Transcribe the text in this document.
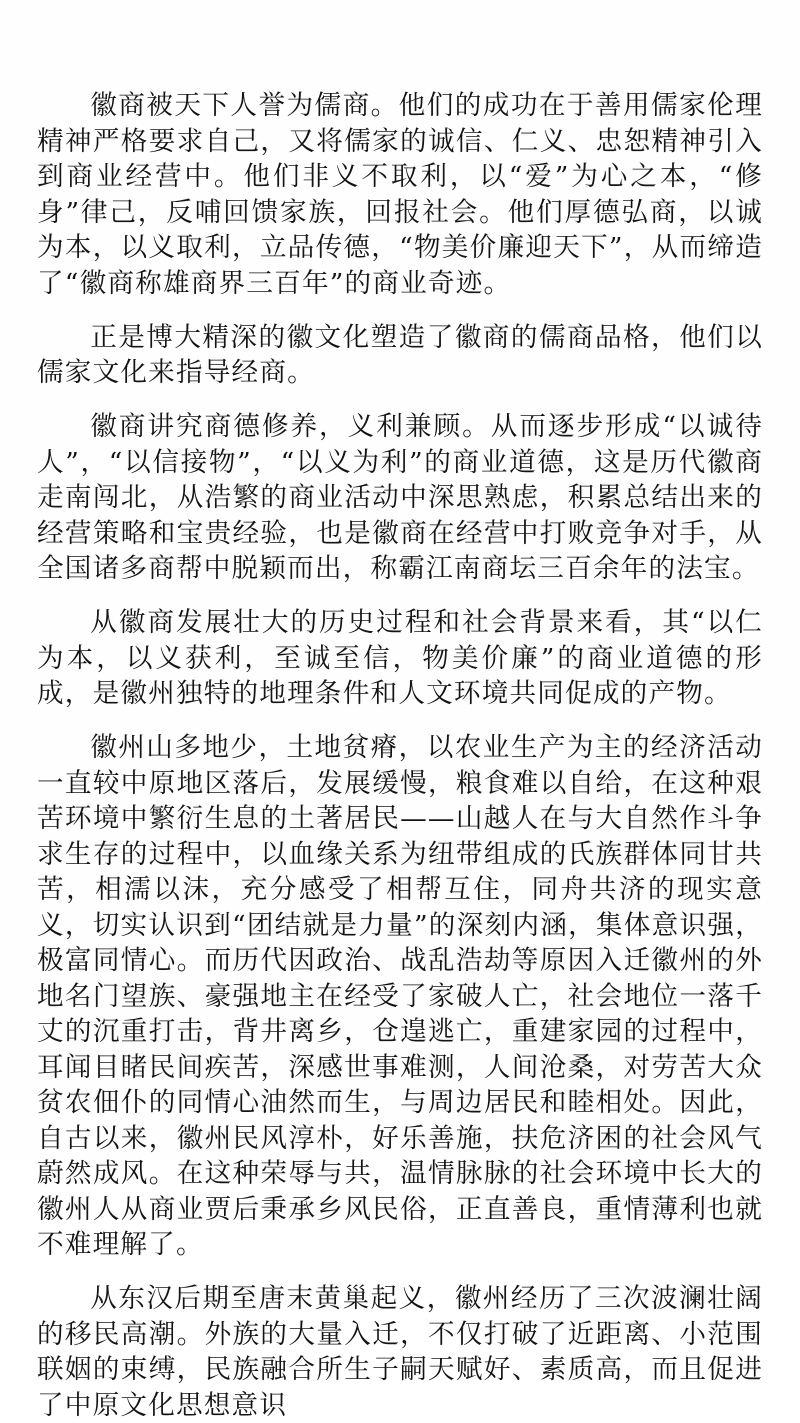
徽商被天下人誉为儒商。他们的成功在于善用儒家伦理精神严格要求自己，又将儒家的诚信、仁义、忠恕精神引入到商业经营中。他们非义不取利，以“爱”为心之本，“修身”律己，反哺回馈家族，回报社会。他们厚德弘商，以诚为本，以义取利，立品传德，“物美价廉迎天下”，从而缔造了“徽商称雄商界三百年”的商业奇迹。

正是博大精深的徽文化塑造了徽商的儒商品格，他们以儒家文化来指导经商。

徽商讲究商德修养，义利兼顾。从而逐步形成“以诚待人”，“以信接物”，“以义为利”的商业道德，这是历代徽商走南闯北，从浩繁的商业活动中深思熟虑，积累总结出来的经营策略和宝贵经验，也是徽商在经营中打败竞争对手，从全国诸多商帮中脱颖而出，称霸江南商坛三百余年的法宝。

从徽商发展壮大的历史过程和社会背景来看，其“以仁为本，以义获利，至诚至信，物美价廉”的商业道德的形成，是徽州独特的地理条件和人文环境共同促成的产物。

徽州山多地少，土地贫瘠，以农业生产为主的经济活动一直较中原地区落后，发展缓慢，粮食难以自给，在这种艰苦环境中繁衍生息的土著居民——山越人在与大自然作斗争求生存的过程中，以血缘关系为纽带组成的氏族群体同甘共苦，相濡以沫，充分感受了相帮互住，同舟共济的现实意义，切实认识到“团结就是力量”的深刻内涵，集体意识强，极富同情心。而历代因政治、战乱浩劫等原因入迁徽州的外地名门望族、豪强地主在经受了家破人亡，社会地位一落千丈的沉重打击，背井离乡，仓遑逃亡，重建家园的过程中，耳闻目睹民间疾苦，深感世事难测，人间沧桑，对劳苦大众贫农佃仆的同情心油然而生，与周边居民和睦相处。因此，自古以来，徽州民风淳朴，好乐善施，扶危济困的社会风气蔚然成风。在这种荣辱与共，温情脉脉的社会环境中长大的徽州人从商业贾后秉承乡风民俗，正直善良，重情薄利也就不难理解了。

从东汉后期至唐末黄巢起义，徽州经历了三次波澜壮阔的移民高潮。外族的大量入迁，不仅打破了近距离、小范围联姻的束缚，民族融合所生子嗣天赋好、素质高，而且促进了中原文化思想意识
